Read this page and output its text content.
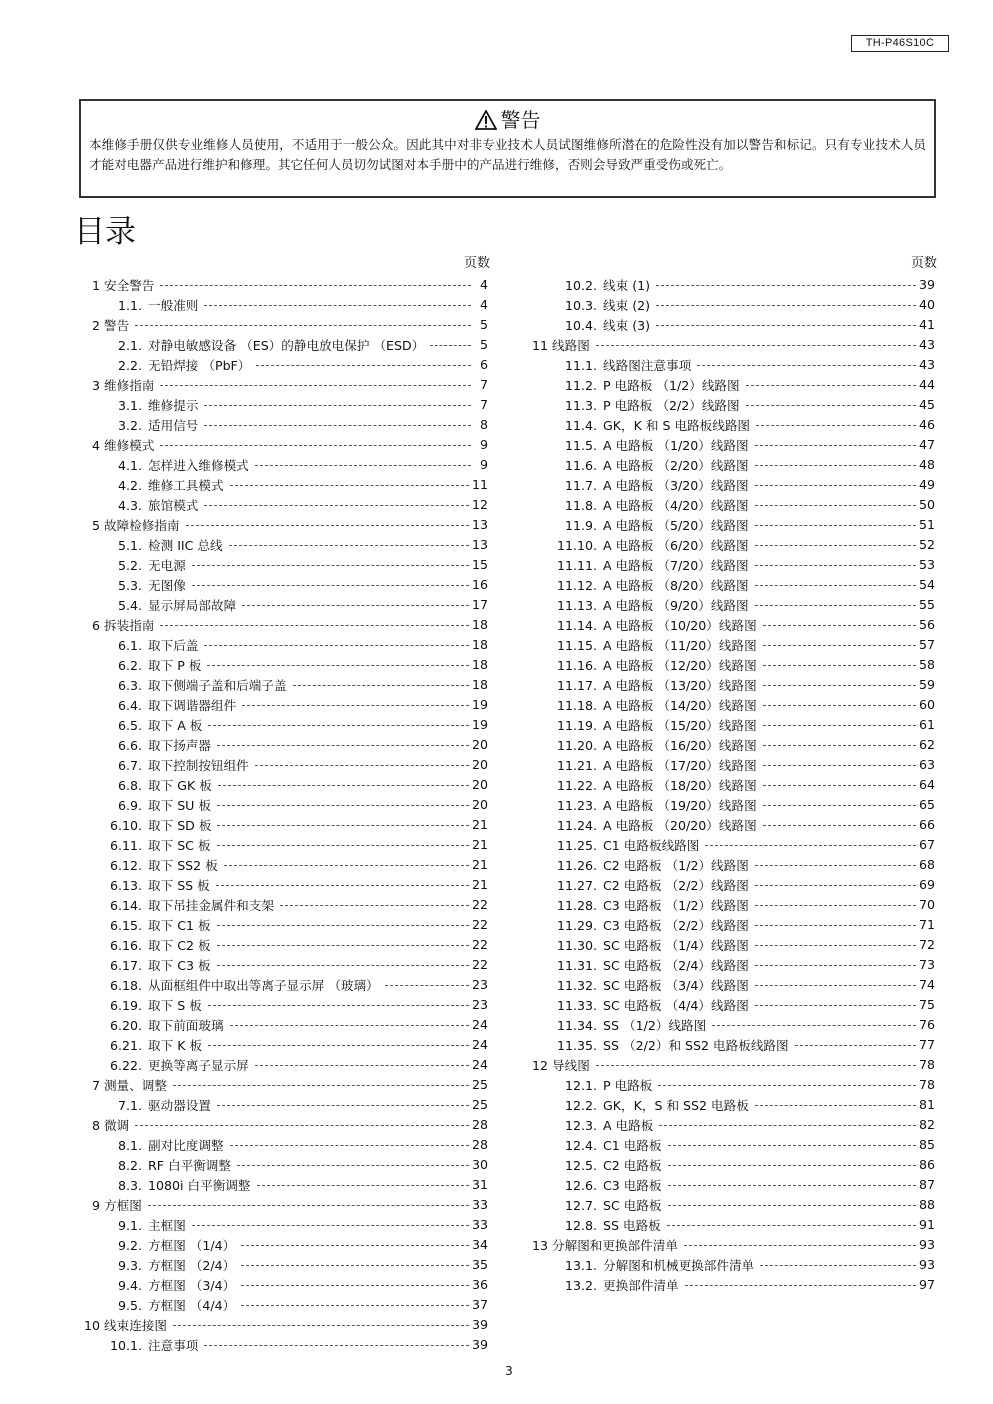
TH-P46S10C
警告
本维修手册仅供专业维修人员使用，不适用于一般公众。因此其中对非专业技术人员试图维修所潜在的危险性没有加以警告和标记。只有专业技术人员才能对电器产品进行维护和修理。其它任何人员切勿试图对本手册中的产品进行维修，否则会导致严重受伤或死亡。
目录
页数
1 安全警告	4
1.1. 一般准则	4
2 警告	5
2.1. 对静电敏感设备 （ES）的静电放电保护 （ESD）	5
2.2. 无铅焊接 （PbF）	6
3 维修指南	7
3.1. 维修提示	7
3.2. 适用信号	8
4 维修模式	9
4.1. 怎样进入维修模式	9
4.2. 维修工具模式	11
4.3. 旅馆模式	12
5 故障检修指南	13
5.1. 检测 IIC 总线	13
5.2. 无电源	15
5.3. 无图像	16
5.4. 显示屏局部故障	17
6 拆装指南	18
6.1. 取下后盖	18
6.2. 取下 P 板	18
6.3. 取下侧端子盖和后端子盖	18
6.4. 取下调谐器组件	19
6.5. 取下 A 板	19
6.6. 取下扬声器	20
6.7. 取下控制按钮组件	20
6.8. 取下 GK 板	20
6.9. 取下 SU 板	20
6.10. 取下 SD 板	21
6.11. 取下 SC 板	21
6.12. 取下 SS2 板	21
6.13. 取下 SS 板	21
6.14. 取下吊挂金属件和支架	22
6.15. 取下 C1 板	22
6.16. 取下 C2 板	22
6.17. 取下 C3 板	22
6.18. 从面框组件中取出等离子显示屏 （玻璃）	23
6.19. 取下 S 板	23
6.20. 取下前面玻璃	24
6.21. 取下 K 板	24
6.22. 更换等离子显示屏	24
7 测量、调整	25
7.1. 驱动器设置	25
8 微调	28
8.1. 副对比度调整	28
8.2. RF 白平衡调整	30
8.3. 1080i 白平衡调整	31
9 方框图	33
9.1. 主框图	33
9.2. 方框图 （1/4）	34
9.3. 方框图 （2/4）	35
9.4. 方框图 （3/4）	36
9.5. 方框图 （4/4）	37
10 线束连接图	39
10.1. 注意事项	39
页数
10.2. 线束 (1)	39
10.3. 线束 (2)	40
10.4. 线束 (3)	41
11 线路图	43
11.1. 线路图注意事项	43
11.2. P 电路板 （1/2）线路图	44
11.3. P 电路板 （2/2）线路图	45
11.4. GK，K 和 S 电路板线路图	46
11.5. A 电路板 （1/20）线路图	47
11.6. A 电路板 （2/20）线路图	48
11.7. A 电路板 （3/20）线路图	49
11.8. A 电路板 （4/20）线路图	50
11.9. A 电路板 （5/20）线路图	51
11.10. A 电路板 （6/20）线路图	52
11.11. A 电路板 （7/20）线路图	53
11.12. A 电路板 （8/20）线路图	54
11.13. A 电路板 （9/20）线路图	55
11.14. A 电路板 （10/20）线路图	56
11.15. A 电路板 （11/20）线路图	57
11.16. A 电路板 （12/20）线路图	58
11.17. A 电路板 （13/20）线路图	59
11.18. A 电路板 （14/20）线路图	60
11.19. A 电路板 （15/20）线路图	61
11.20. A 电路板 （16/20）线路图	62
11.21. A 电路板 （17/20）线路图	63
11.22. A 电路板 （18/20）线路图	64
11.23. A 电路板 （19/20）线路图	65
11.24. A 电路板 （20/20）线路图	66
11.25. C1 电路板线路图	67
11.26. C2 电路板 （1/2）线路图	68
11.27. C2 电路板 （2/2）线路图	69
11.28. C3 电路板 （1/2）线路图	70
11.29. C3 电路板 （2/2）线路图	71
11.30. SC 电路板 （1/4）线路图	72
11.31. SC 电路板 （2/4）线路图	73
11.32. SC 电路板 （3/4）线路图	74
11.33. SC 电路板 （4/4）线路图	75
11.34. SS （1/2）线路图	76
11.35. SS （2/2）和 SS2 电路板线路图	77
12 导线图	78
12.1. P 电路板	78
12.2. GK，K，S 和 SS2 电路板	81
12.3. A 电路板	82
12.4. C1 电路板	85
12.5. C2 电路板	86
12.6. C3 电路板	87
12.7. SC 电路板	88
12.8. SS 电路板	91
13 分解图和更换部件清单	93
13.1. 分解图和机械更换部件清单	93
13.2. 更换部件清单	97
3
